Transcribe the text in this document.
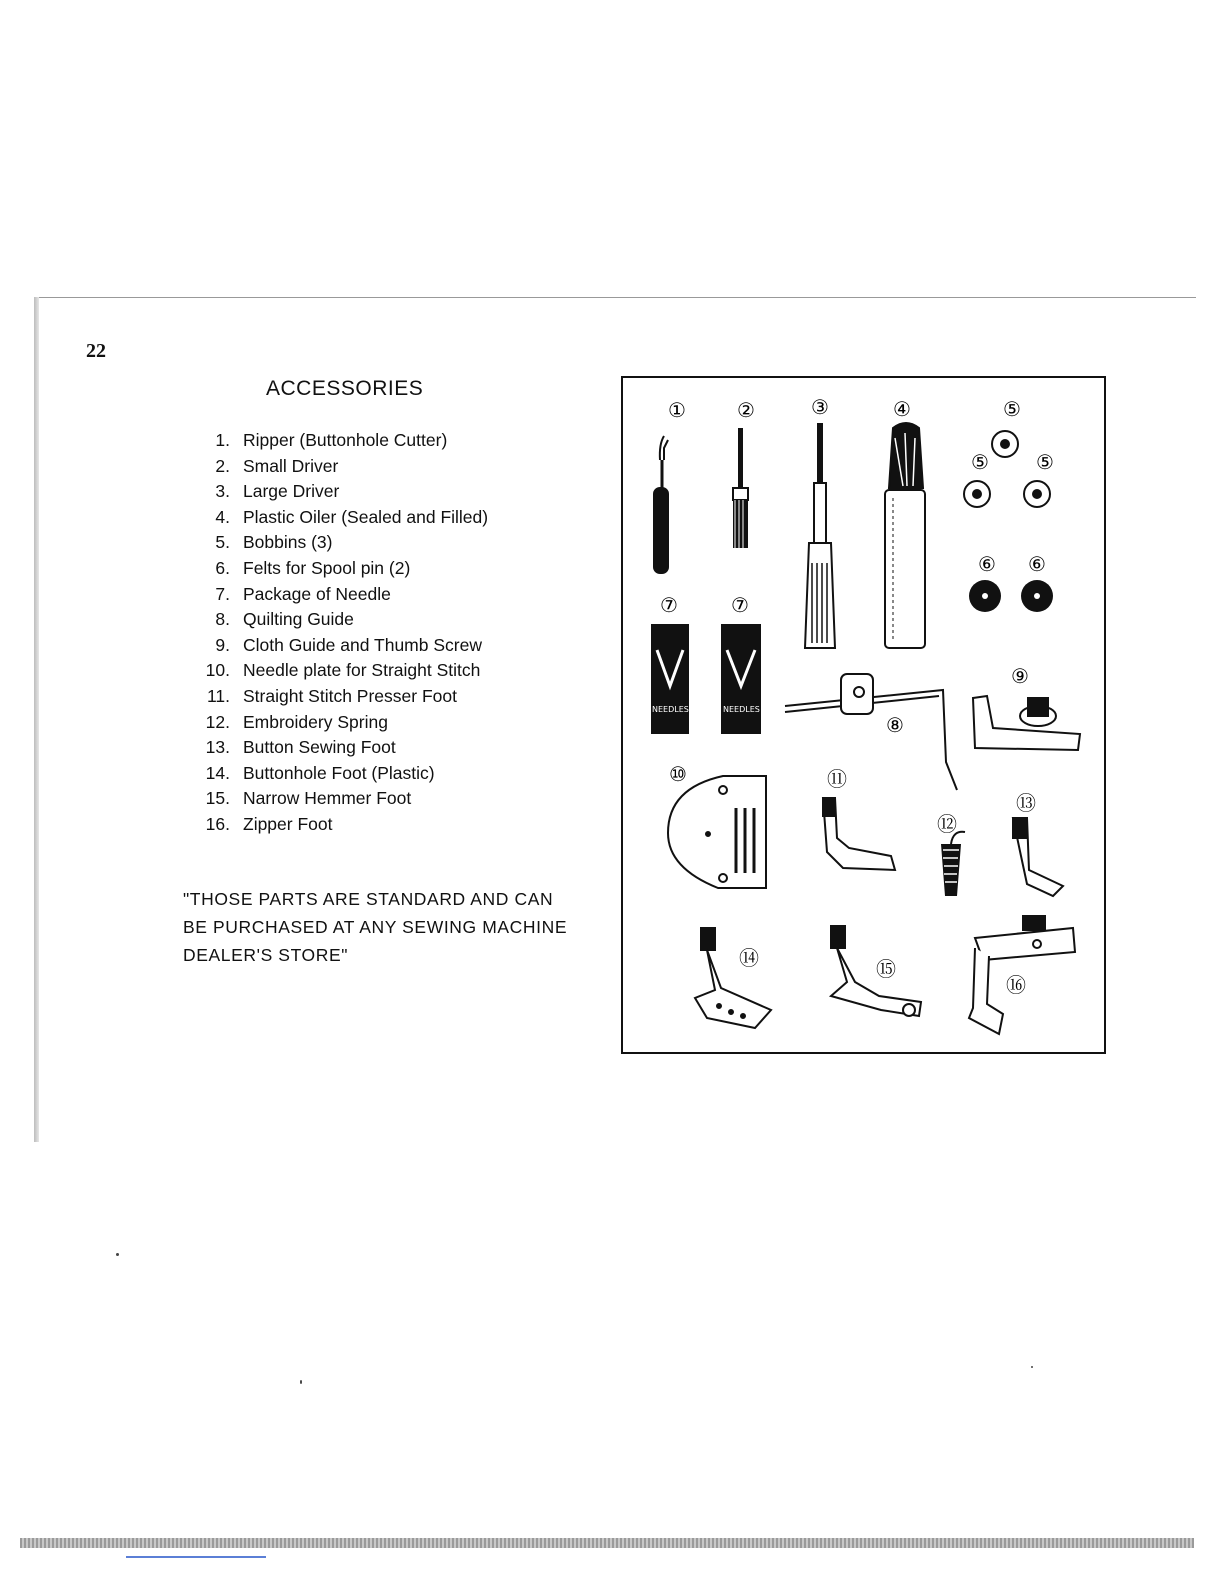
22
ACCESSORIES
1. Ripper (Buttonhole Cutter)
2. Small Driver
3. Large Driver
4. Plastic Oiler (Sealed and Filled)
5. Bobbins (3)
6. Felts for Spool pin (2)
7. Package of Needle
8. Quilting Guide
9. Cloth Guide and Thumb Screw
10. Needle plate for Straight Stitch
11. Straight Stitch Presser Foot
12. Embroidery Spring
13. Button Sewing Foot
14. Buttonhole Foot (Plastic)
15. Narrow Hemmer Foot
16. Zipper Foot
"THOSE PARTS ARE STANDARD AND CAN
BE PURCHASED AT ANY SEWING MACHINE
DEALER'S STORE"
①	②	③	④	⑤
⑤ ⑤
⑥ ⑥
⑦	⑦
⑧
⑨
⑩	⑪
⑫
⑬
⑭	⑮
⑯
NEEDLES	NEEDLES
